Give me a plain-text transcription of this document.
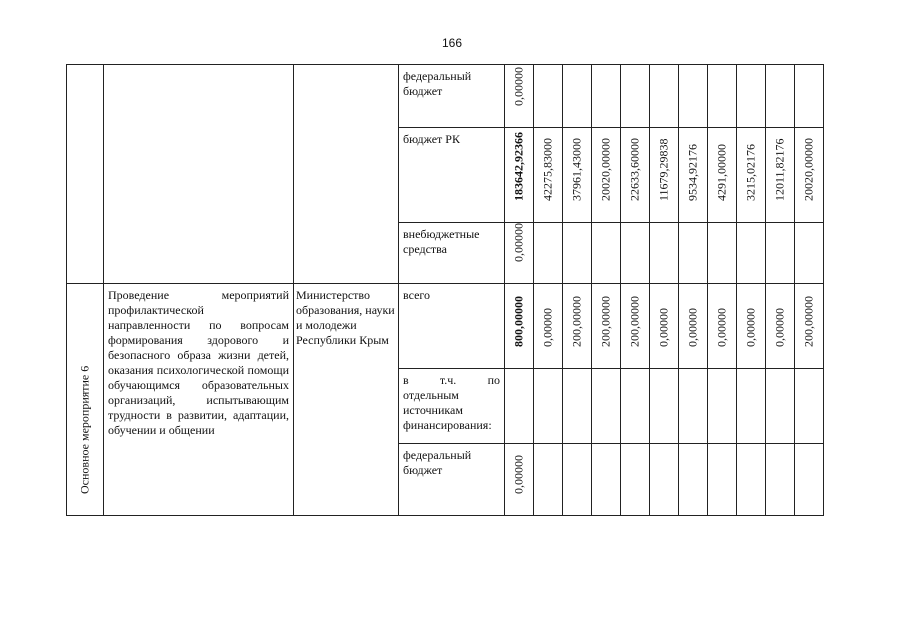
166

			федеральный бюджет	0,00000										

			бюджет РК	183642,92366	42275,83000	37961,43000	20020,00000	22633,60000	11679,29838	9534,92176	4291,00000	3215,02176	12011,82176	20020,00000

			внебюджетные средства	0,00000										

Основное мероприятие 6	Проведение мероприятий профилактической направленности по вопросам формирования здорового и безопасного образа жизни детей, оказания психологической помощи обучающимся образовательных организаций, испытывающим трудности в развитии, адаптации, обучении и общении	Министерство образования, науки и молодежи Республики Крым	всего	800,00000	0,00000	200,00000	200,00000	200,00000	0,00000	0,00000	0,00000	0,00000	0,00000	200,00000

			в т.ч. по отдельным источникам финансирования:											

			федеральный бюджет	0,00000										
